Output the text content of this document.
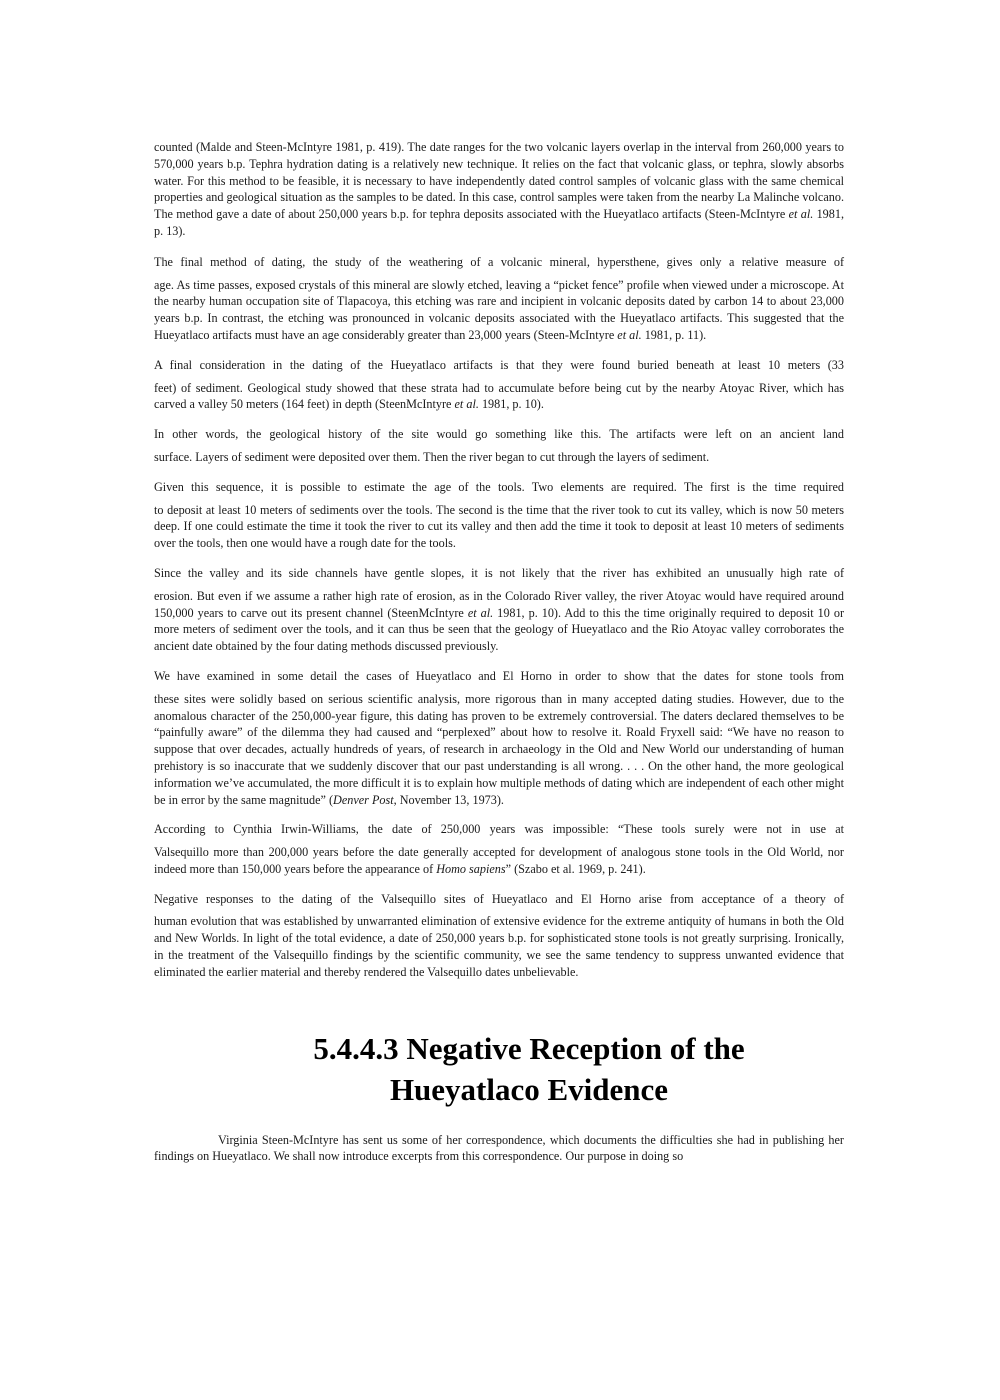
counted (Malde and Steen-McIntyre 1981, p. 419). The date ranges for the two volcanic layers overlap in the interval from 260,000 years to 570,000 years b.p. Tephra hydration dating is a relatively new technique. It relies on the fact that volcanic glass, or tephra, slowly absorbs water. For this method to be feasible, it is necessary to have independently dated control samples of volcanic glass with the same chemical properties and geological situation as the samples to be dated. In this case, control samples were taken from the nearby La Malinche volcano. The method gave a date of about 250,000 years b.p. for tephra deposits associated with the Hueyatlaco artifacts (Steen-McIntyre et al. 1981, p. 13).

The final method of dating, the study of the weathering of a volcanic mineral, hypersthene, gives only a relative measure of
age. As time passes, exposed crystals of this mineral are slowly etched, leaving a “picket fence” profile when viewed under a microscope. At the nearby human occupation site of Tlapacoya, this etching was rare and incipient in volcanic deposits dated by carbon 14 to about 23,000 years b.p. In contrast, the etching was pronounced in volcanic deposits associated with the Hueyatlaco artifacts. This suggested that the Hueyatlaco artifacts must have an age considerably greater than 23,000 years (Steen-McIntyre et al. 1981, p. 11).

A final consideration in the dating of the Hueyatlaco artifacts is that they were found buried beneath at least 10 meters (33
feet) of sediment. Geological study showed that these strata had to accumulate before being cut by the nearby Atoyac River, which has carved a valley 50 meters (164 feet) in depth (SteenMcIntyre et al. 1981, p. 10).

In other words, the geological history of the site would go something like this. The artifacts were left on an ancient land
surface. Layers of sediment were deposited over them. Then the river began to cut through the layers of sediment.

Given this sequence, it is possible to estimate the age of the tools. Two elements are required. The first is the time required
to deposit at least 10 meters of sediments over the tools. The second is the time that the river took to cut its valley, which is now 50 meters deep. If one could estimate the time it took the river to cut its valley and then add the time it took to deposit at least 10 meters of sediments over the tools, then one would have a rough date for the tools.

Since the valley and its side channels have gentle slopes, it is not likely that the river has exhibited an unusually high rate of
erosion. But even if we assume a rather high rate of erosion, as in the Colorado River valley, the river Atoyac would have required around 150,000 years to carve out its present channel (SteenMcIntyre et al. 1981, p. 10). Add to this the time originally required to deposit 10 or more meters of sediment over the tools, and it can thus be seen that the geology of Hueyatlaco and the Rio Atoyac valley corroborates the ancient date obtained by the four dating methods discussed previously.

We have examined in some detail the cases of Hueyatlaco and El Horno in order to show that the dates for stone tools from
these sites were solidly based on serious scientific analysis, more rigorous than in many accepted dating studies. However, due to the anomalous character of the 250,000-year figure, this dating has proven to be extremely controversial. The daters declared themselves to be “painfully aware” of the dilemma they had caused and “perplexed” about how to resolve it. Roald Fryxell said: “We have no reason to suppose that over decades, actually hundreds of years, of research in archaeology in the Old and New World our understanding of human prehistory is so inaccurate that we suddenly discover that our past understanding is all wrong. . . . On the other hand, the more geological information we’ve accumulated, the more difficult it is to explain how multiple methods of dating which are independent of each other might be in error by the same magnitude” (Denver Post, November 13, 1973).

According to Cynthia Irwin-Williams, the date of 250,000 years was impossible: “These tools surely were not in use at
Valsequillo more than 200,000 years before the date generally accepted for development of analogous stone tools in the Old World, nor indeed more than 150,000 years before the appearance of Homo sapiens” (Szabo et al. 1969, p. 241).

Negative responses to the dating of the Valsequillo sites of Hueyatlaco and El Horno arise from acceptance of a theory of
human evolution that was established by unwarranted elimination of extensive evidence for the extreme antiquity of humans in both the Old and New Worlds. In light of the total evidence, a date of 250,000 years b.p. for sophisticated stone tools is not greatly surprising. Ironically, in the treatment of the Valsequillo findings by the scientific community, we see the same tendency to suppress unwanted evidence that eliminated the earlier material and thereby rendered the Valsequillo dates unbelievable.

5.4.4.3 Negative Reception of the
Hueyatlaco Evidence

Virginia Steen-McIntyre has sent us some of her correspondence, which documents the difficulties she had in publishing her findings on Hueyatlaco. We shall now introduce excerpts from this correspondence. Our purpose in doing so
